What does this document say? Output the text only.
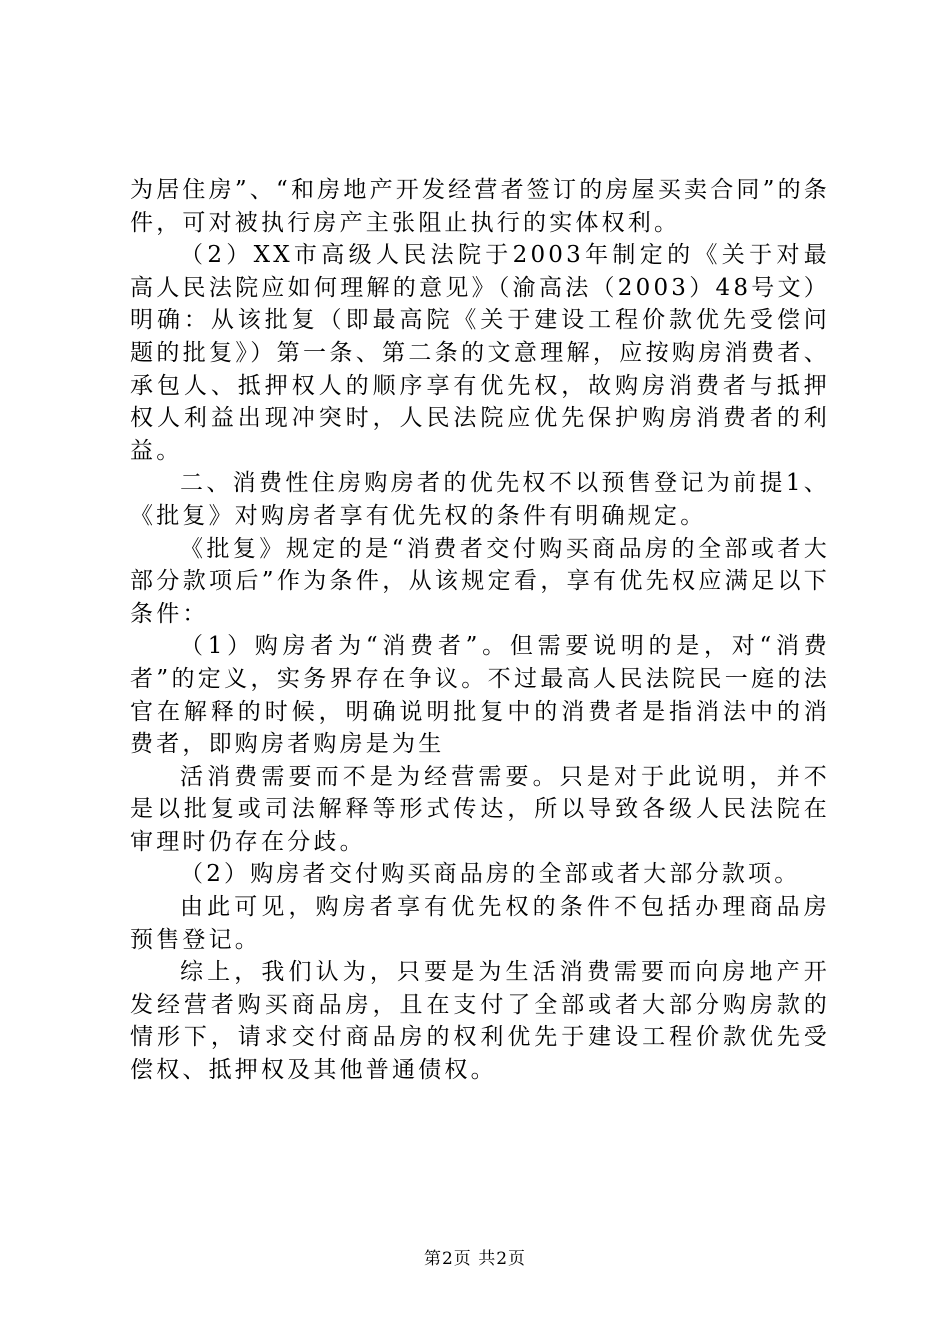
为居住房”、“和房地产开发经营者签订的房屋买卖合同”的条件，可对被执行房产主张阻止执行的实体权利。

（2）XX市高级人民法院于2003年制定的《关于对最高人民法院应如何理解的意见》（渝高法（2003）48号文）明确：从该批复（即最高院《关于建设工程价款优先受偿问题的批复》）第一条、第二条的文意理解，应按购房消费者、承包人、抵押权人的顺序享有优先权，故购房消费者与抵押权人利益出现冲突时，人民法院应优先保护购房消费者的利益。

二、消费性住房购房者的优先权不以预售登记为前提1、《批复》对购房者享有优先权的条件有明确规定。

《批复》规定的是“消费者交付购买商品房的全部或者大部分款项后”作为条件，从该规定看，享有优先权应满足以下条件：

（1）购房者为“消费者”。但需要说明的是，对“消费者”的定义，实务界存在争议。不过最高人民法院民一庭的法官在解释的时候，明确说明批复中的消费者是指消法中的消费者，即购房者购房是为生

活消费需要而不是为经营需要。只是对于此说明，并不是以批复或司法解释等形式传达，所以导致各级人民法院在审理时仍存在分歧。

（2）购房者交付购买商品房的全部或者大部分款项。

由此可见，购房者享有优先权的条件不包括办理商品房预售登记。

综上，我们认为，只要是为生活消费需要而向房地产开发经营者购买商品房，且在支付了全部或者大部分购房款的情形下，请求交付商品房的权利优先于建设工程价款优先受偿权、抵押权及其他普通债权。

第2页 共2页
